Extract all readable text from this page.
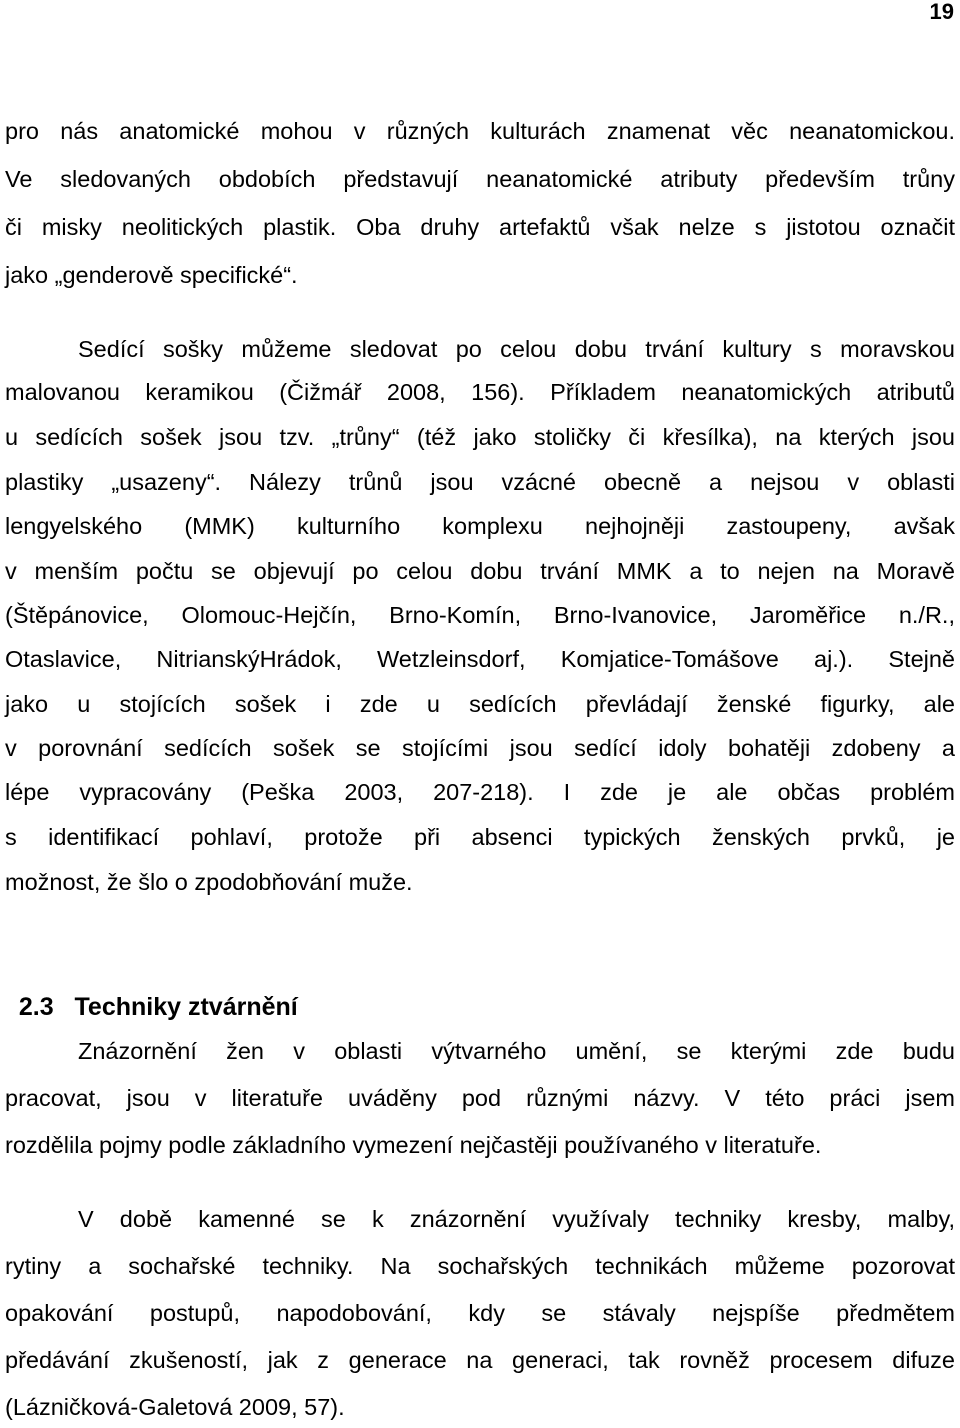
19
pro nás anatomické mohou v různých kulturách znamenat věc neanatomickou.
Ve sledovaných obdobích představují neanatomické atributy především trůny
či misky neolitických plastik. Oba druhy artefaktů však nelze s jistotou označit
jako „genderově specifické“.
Sedící sošky můžeme sledovat po celou dobu trvání kultury s moravskou
malovanou keramikou (Čižmář 2008, 156). Příkladem neanatomických atributů
u sedících sošek jsou tzv. „trůny“ (též jako stoličky či křesílka), na kterých jsou
plastiky „usazeny“. Nálezy trůnů jsou vzácné obecně a nejsou v oblasti
lengyelského (MMK) kulturního komplexu nejhojněji zastoupeny, avšak
v menším počtu se objevují po celou dobu trvání MMK a to nejen na Moravě
(Štěpánovice, Olomouc-Hejčín, Brno-Komín, Brno-Ivanovice, Jaroměřice n./R.,
Otaslavice, NitrianskýHrádok, Wetzleinsdorf, Komjatice-Tomášove aj.). Stejně
jako u stojících sošek i zde u sedících převládají ženské figurky, ale
v porovnání sedících sošek se stojícími jsou sedící idoly bohatěji zdobeny a
lépe vypracovány (Peška 2003, 207-218). I zde je ale občas problém
s identifikací pohlaví, protože při absenci typických ženských prvků, je
možnost, že šlo o zpodobňování muže.

2.3 Techniky ztvárnění

Znázornění žen v oblasti výtvarného umění, se kterými zde budu
pracovat, jsou v literatuře uváděny pod různými názvy. V této práci jsem
rozdělila pojmy podle základního vymezení nejčastěji používaného v literatuře.
V době kamenné se k znázornění využívaly techniky kresby, malby,
rytiny a sochařské techniky. Na sochařských technikách můžeme pozorovat
opakování postupů, napodobování, kdy se stávaly nejspíše předmětem
předávání zkušeností, jak z generace na generaci, tak rovněž procesem difuze
(Lázničková-Galetová 2009, 57).
